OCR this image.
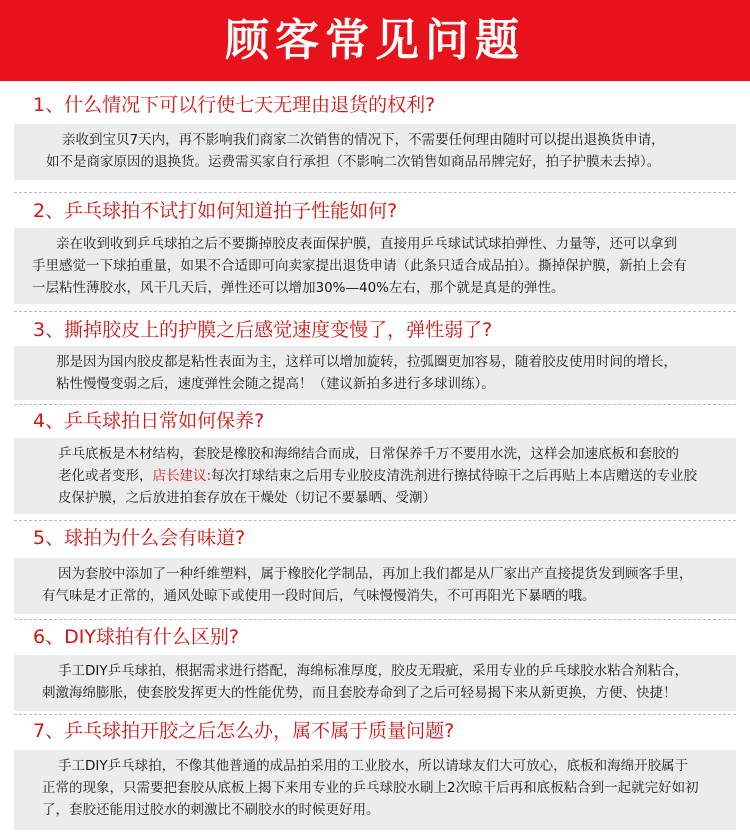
顾客常见问题
1、什么情况下可以行使七天无理由退货的权利?
亲收到宝贝7天内，再不影响我们商家二次销售的情况下，不需要任何理由随时可以提出退换货申请，
如不是商家原因的退换货。运费需买家自行承担（不影响二次销售如商品吊牌完好，拍子护膜未去掉）。
2、乒乓球拍不试打如何知道拍子性能如何?
亲在收到收到乒乓球拍之后不要撕掉胶皮表面保护膜，直接用乒乓球试试球拍弹性、力量等，还可以拿到
手里感觉一下球拍重量，如果不合适即可向卖家提出退货申请（此条只适合成品拍）。撕掉保护膜，新拍上会有
一层粘性薄胶水，风干几天后，弹性还可以增加30%—40%左右，那个就是真是的弹性。
3、撕掉胶皮上的护膜之后感觉速度变慢了，弹性弱了?
那是因为国内胶皮都是粘性表面为主，这样可以增加旋转，拉弧圈更加容易，随着胶皮使用时间的增长，
粘性慢慢变弱之后，速度弹性会随之提高！（建议新拍多进行多球训练）。
4、乒乓球拍日常如何保养?
乒乓底板是木材结构，套胶是橡胶和海绵结合而成，日常保养千万不要用水洗，这样会加速底板和套胶的
老化或者变形，店长建议:每次打球结束之后用专业胶皮清洗剂进行擦拭待晾干之后再贴上本店赠送的专业胶
皮保护膜，之后放进拍套存放在干燥处（切记不要暴晒、受潮）
5、球拍为什么会有味道?
因为套胶中添加了一种纤维塑料，属于橡胶化学制品，再加上我们都是从厂家出产直接提货发到顾客手里，
有气味是才正常的，通风处晾下或使用一段时间后，气味慢慢消失，不可再阳光下暴晒的哦。
6、DIY球拍有什么区别?
手工DIY乒乓球拍，根据需求进行搭配，海绵标准厚度，胶皮无瑕疵，采用专业的乒乓球胶水粘合剂粘合，
刺激海绵膨胀，使套胶发挥更大的性能优势，而且套胶寿命到了之后可轻易揭下来从新更换，方便、快捷！
7、乒乓球拍开胶之后怎么办，属不属于质量问题?
手工DIY乒乓球拍，不像其他普通的成品拍采用的工业胶水，所以请球友们大可放心，底板和海绵开胶属于
正常的现象，只需要把套胶从底板上揭下来用专业的乒乓球胶水刷上2次晾干后再和底板粘合到一起就完好如初
了，套胶还能用过胶水的刺激比不刷胶水的时候更好用。
